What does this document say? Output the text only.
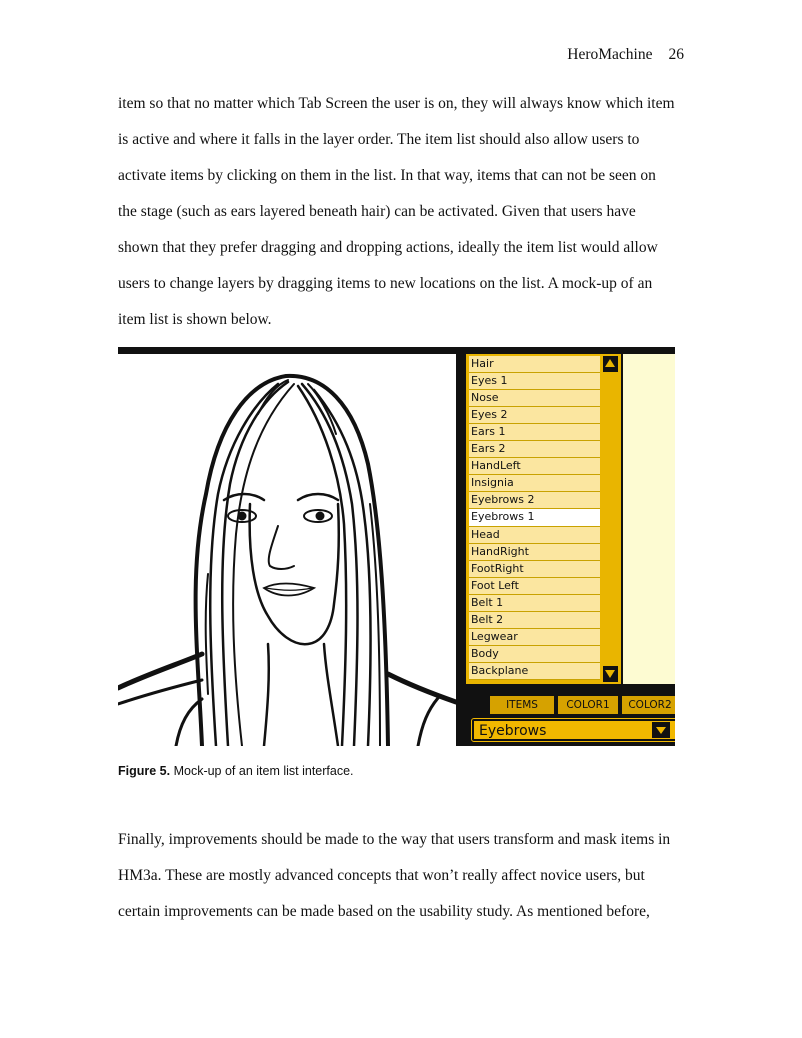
HeroMachine 26
item so that no matter which Tab Screen the user is on, they will always know which item
is active and where it falls in the layer order. The item list should also allow users to
activate items by clicking on them in the list. In that way, items that can not be seen on
the stage (such as ears layered beneath hair) can be activated. Given that users have
shown that they prefer dragging and dropping actions, ideally the item list would allow
users to change layers by dragging items to new locations on the list. A mock-up of an
item list is shown below.
Hair
Eyes 1
Nose
Eyes 2
Ears 1
Ears 2
HandLeft
Insignia
Eyebrows 2
Eyebrows 1
Head
HandRight
FootRight
Foot Left
Belt 1
Belt 2
Legwear
Body
Backplane
ITEMS	COLOR1	COLOR2
Eyebrows
Figure 5. Mock-up of an item list interface.
Finally, improvements should be made to the way that users transform and mask items in
HM3a. These are mostly advanced concepts that won’t really affect novice users, but
certain improvements can be made based on the usability study. As mentioned before,
